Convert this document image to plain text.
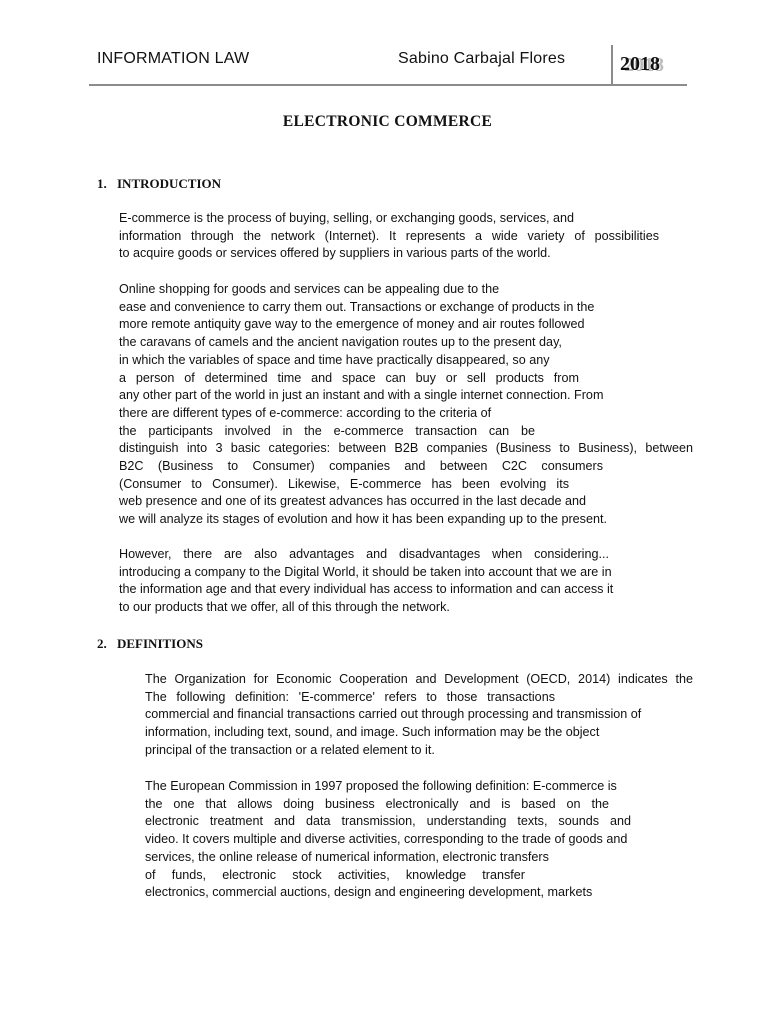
INFORMATION LAW	Sabino Carbajal Flores	2018
ELECTRONIC COMMERCE
1. INTRODUCTION

E-commerce is the process of buying, selling, or exchanging goods, services, and
information through the network (Internet). It represents a wide variety of possibilities
to acquire goods or services offered by suppliers in various parts of the world.

Online shopping for goods and services can be appealing due to the
ease and convenience to carry them out. Transactions or exchange of products in the
more remote antiquity gave way to the emergence of money and air routes followed
the caravans of camels and the ancient navigation routes up to the present day,
in which the variables of space and time have practically disappeared, so any
a person of determined time and space can buy or sell products from
any other part of the world in just an instant and with a single internet connection. From
there are different types of e-commerce: according to the criteria of
the participants involved in the e-commerce transaction can be
distinguish into 3 basic categories: between B2B companies (Business to Business), between
B2C (Business to Consumer) companies and between C2C consumers
(Consumer to Consumer). Likewise, E-commerce has been evolving its
web presence and one of its greatest advances has occurred in the last decade and
we will analyze its stages of evolution and how it has been expanding up to the present.

However, there are also advantages and disadvantages when considering...
introducing a company to the Digital World, it should be taken into account that we are in
the information age and that every individual has access to information and can access it
to our products that we offer, all of this through the network.

2. DEFINITIONS

The Organization for Economic Cooperation and Development (OECD, 2014) indicates the
The following definition: 'E-commerce' refers to those transactions
commercial and financial transactions carried out through processing and transmission of
information, including text, sound, and image. Such information may be the object
principal of the transaction or a related element to it.

The European Commission in 1997 proposed the following definition: E-commerce is
the one that allows doing business electronically and is based on the
electronic treatment and data transmission, understanding texts, sounds and
video. It covers multiple and diverse activities, corresponding to the trade of goods and
services, the online release of numerical information, electronic transfers
of funds, electronic stock activities, knowledge transfer
electronics, commercial auctions, design and engineering development, markets
